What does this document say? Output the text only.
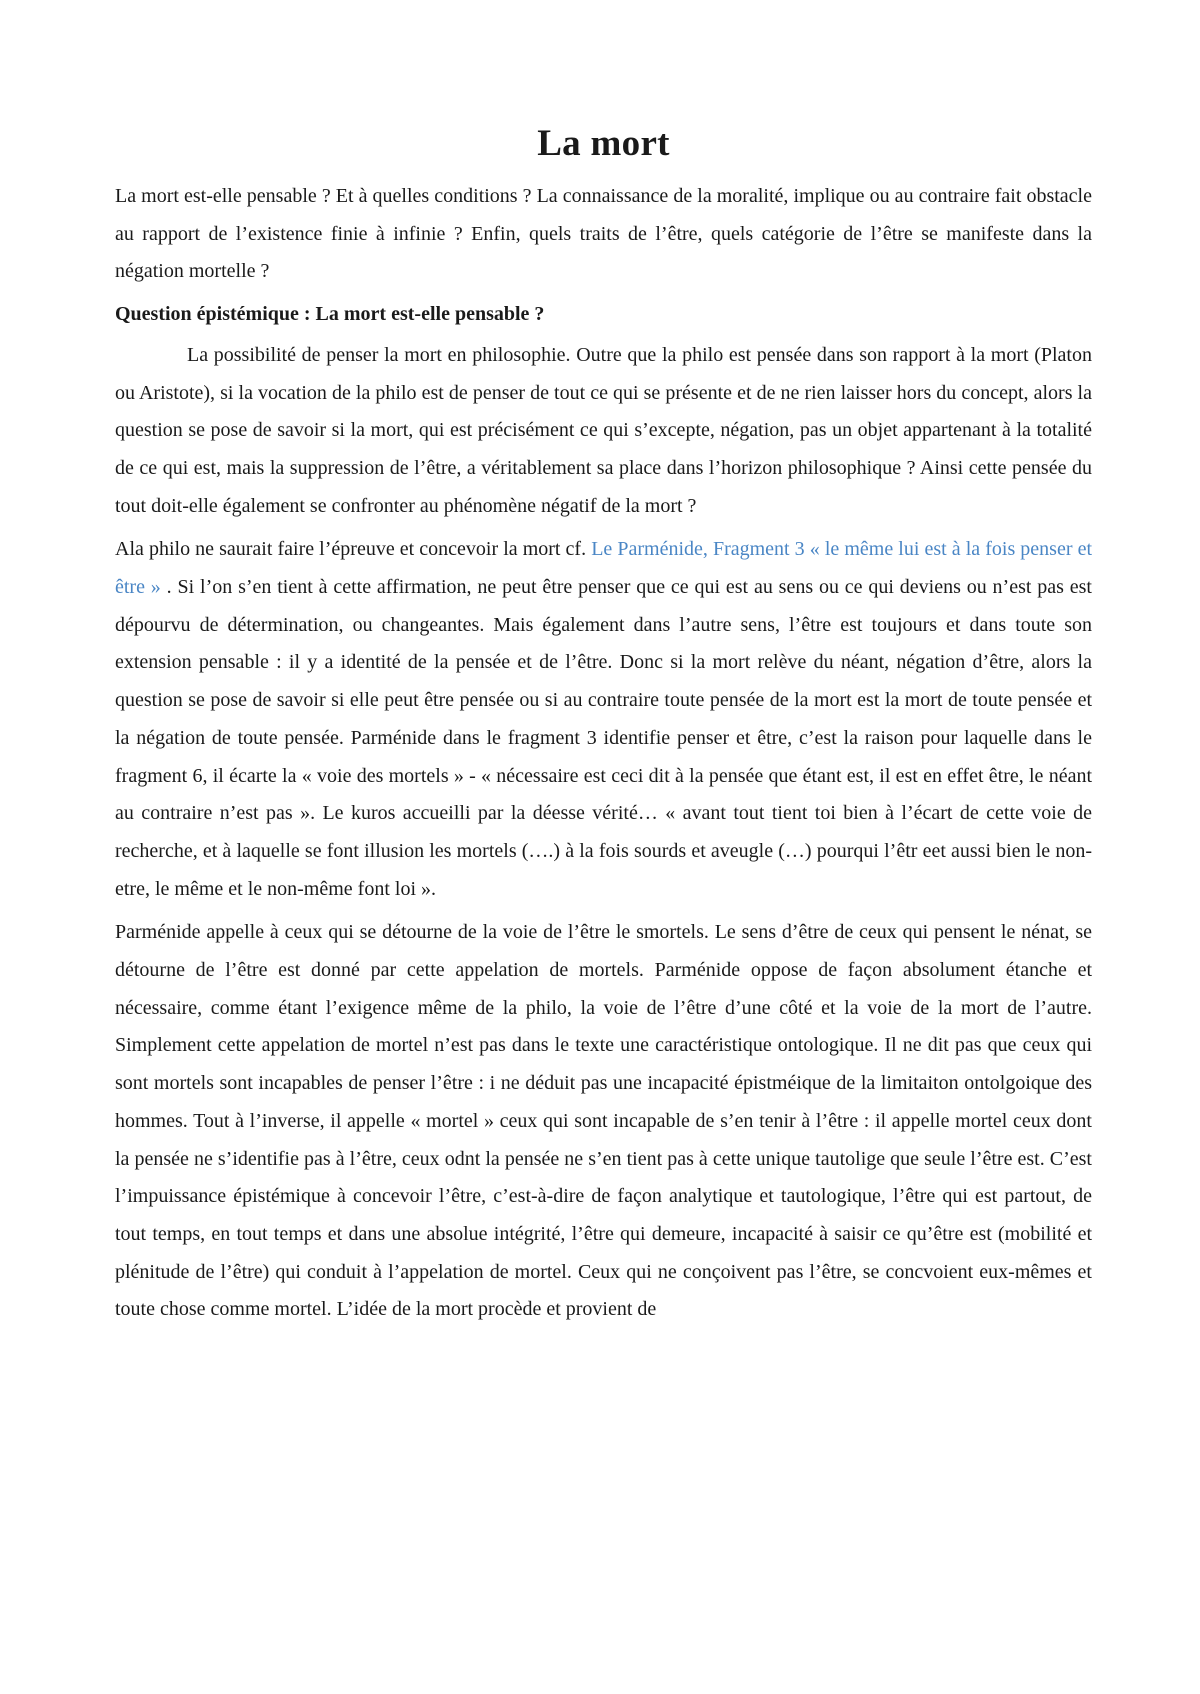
La mort

La mort est-elle pensable ? Et à quelles conditions ? La connaissance de la moralité, implique ou au contraire fait obstacle au rapport de l’existence finie à infinie ? Enfin, quels traits de l’être, quels catégorie de l’être se manifeste dans la négation mortelle ?

Question épistémique : La mort est-elle pensable ?

La possibilité de penser la mort en philosophie. Outre que la philo est pensée dans son rapport à la mort (Platon ou Aristote), si la vocation de la philo est de penser de tout ce qui se présente et de ne rien laisser hors du concept, alors la question se pose de savoir si la mort, qui est précisément ce qui s’excepte, négation, pas un objet appartenant à la totalité de ce qui est, mais la suppression de l’être, a véritablement sa place dans l’horizon philosophique ? Ainsi cette pensée du tout doit-elle également se confronter au phénomène négatif de la mort ?

Ala philo ne saurait faire l’épreuve et concevoir la mort cf. Le Parménide, Fragment 3 « le même lui est à la fois penser et être » . Si l’on s’en tient à cette affirmation, ne peut être penser que ce qui est au sens ou ce qui deviens ou n’est pas est dépourvu de détermination, ou changeantes. Mais également dans l’autre sens, l’être est toujours et dans toute son extension pensable : il y a identité de la pensée et de l’être. Donc si la mort relève du néant, négation d’être, alors la question se pose de savoir si elle peut être pensée ou si au contraire toute pensée de la mort est la mort de toute pensée et la négation de toute pensée. Parménide dans le fragment 3 identifie penser et être, c’est la raison pour laquelle dans le fragment 6, il écarte la « voie des mortels » - « nécessaire est ceci dit à la pensée que étant est, il est en effet être, le néant au contraire n’est pas ». Le kuros accueilli par la déesse vérité… « avant tout tient toi bien à l’écart de cette voie de recherche, et à laquelle se font illusion les mortels (….) à la fois sourds et aveugle (…) pourqui l’êtr eet aussi bien le non-etre, le même et le non-même font loi ».

Parménide appelle à ceux qui se détourne de la voie de l’être le smortels. Le sens d’être de ceux qui pensent le nénat, se détourne de l’être est donné par cette appelation de mortels. Parménide oppose de façon absolument étanche et nécessaire, comme étant l’exigence même de la philo, la voie de l’être d’une côté et la voie de la mort de l’autre. Simplement cette appelation de mortel n’est pas dans le texte une caractéristique ontologique. Il ne dit pas que ceux qui sont mortels sont incapables de penser l’être : i ne déduit pas une incapacité épistméique de la limitaiton ontolgoique des hommes. Tout à l’inverse, il appelle « mortel » ceux qui sont incapable de s’en tenir à l’être : il appelle mortel ceux dont la pensée ne s’identifie pas à l’être, ceux odnt la pensée ne s’en tient pas à cette unique tautolige que seule l’être est. C’est l’impuissance épistémique à concevoir l’être, c’est-à-dire de façon analytique et tautologique, l’être qui est partout, de tout temps, en tout temps et dans une absolue intégrité, l’être qui demeure, incapacité à saisir ce qu’être est (mobilité et plénitude de l’être) qui conduit à l’appelation de mortel. Ceux qui ne conçoivent pas l’être, se concvoient eux-mêmes et toute chose comme mortel. L’idée de la mort procède et provient de
